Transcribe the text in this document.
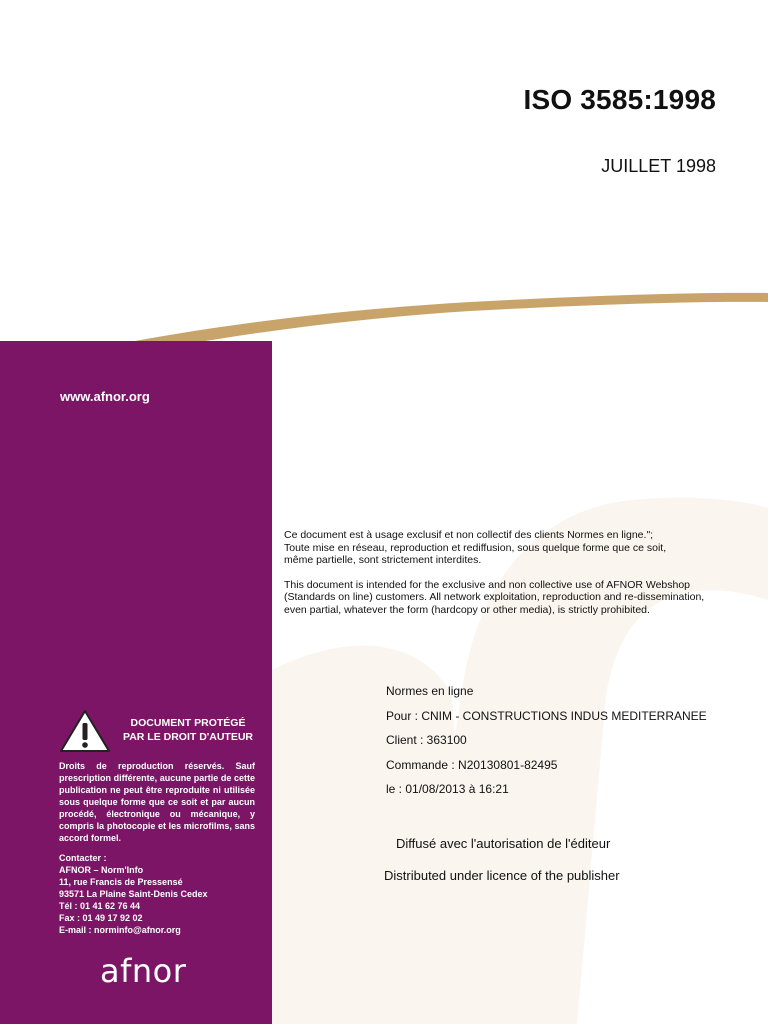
ISO 3585:1998
JUILLET 1998
www.afnor.org

Ce document est à usage exclusif et non collectif des clients Normes en ligne.";
Toute mise en réseau, reproduction et rediffusion, sous quelque forme que ce soit,
même partielle, sont strictement interdites.

This document is intended for the exclusive and non collective use of AFNOR Webshop
(Standards on line) customers. All network exploitation, reproduction and re-dissemination,
even partial, whatever the form (hardcopy or other media), is strictly prohibited.

DOCUMENT PROTÉGÉ
PAR LE DROIT D'AUTEUR

Droits de reproduction réservés. Sauf prescription différente, aucune partie de cette publication ne peut être reproduite ni utilisée sous quelque forme que ce soit et par aucun procédé, électronique ou mécanique, y compris la photocopie et les microfilms, sans accord formel.

Contacter :
AFNOR – Norm'Info
11, rue Francis de Pressensé
93571 La Plaine Saint-Denis Cedex
Tél : 01 41 62 76 44
Fax : 01 49 17 92 02
E-mail : norminfo@afnor.org
afnor
Normes en ligne
Pour : CNIM - CONSTRUCTIONS INDUS MEDITERRANEE
Client : 363100
Commande : N20130801-82495
le : 01/08/2013 à 16:21
Diffusé avec l'autorisation de l'éditeur
Distributed under licence of the publisher
